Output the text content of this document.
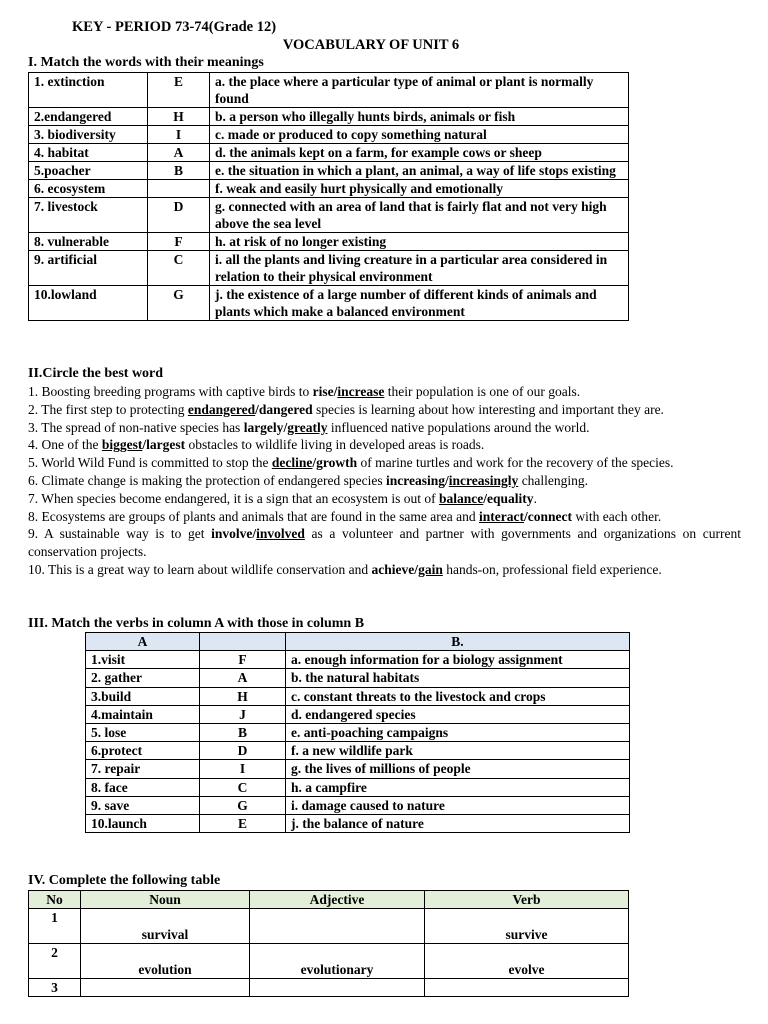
KEY - PERIOD 73-74(Grade 12)
VOCABULARY OF UNIT 6
I. Match the words with their meanings
1. extinction	E	a. the place where a particular type of animal or plant is normally found
2.endangered	H	b. a person who illegally hunts birds, animals or fish
3. biodiversity	I	c. made or produced to copy something natural
4. habitat	A	d. the animals kept on a farm, for example cows or sheep
5.poacher	B	e. the situation in which a plant, an animal, a way of life stops existing
6. ecosystem		f. weak and easily hurt physically and emotionally
7. livestock	D	g. connected with an area of land that is fairly flat and not very high above the sea level
8. vulnerable	F	h. at risk of no longer existing
9. artificial	C	i. all the plants and living creature in a particular area considered in relation to their physical environment
10.lowland	G	j. the existence of a large number of different kinds of animals and plants which make a balanced environment
II.Circle the best word

1. Boosting breeding programs with captive birds to rise/increase their population is one of our goals.

2. The first step to protecting endangered/dangered species is learning about how interesting and important they are.

3. The spread of non-native species has largely/greatly influenced native populations around the world.

4. One of the biggest/largest obstacles to wildlife living in developed areas is roads.

5. World Wild Fund is committed to stop the decline/growth of marine turtles and work for the recovery of the species.

6. Climate change is making the protection of endangered species increasing/increasingly challenging.

7. When species become endangered, it is a sign that an ecosystem is out of balance/equality.

8. Ecosystems are groups of plants and animals that are found in the same area and interact/connect with each other.

9. A sustainable way is to get involve/involved as a volunteer and partner with governments and organizations on current conservation projects.

10. This is a great way to learn about wildlife conservation and achieve/gain hands-on, professional field experience.

III. Match the verbs in column A with those in column B
A		B.
1.visit	F	a. enough information for a biology assignment
2. gather	A	b. the natural habitats
3.build	H	c. constant threats to the livestock and crops
4.maintain	J	d. endangered species
5. lose	B	e. anti-poaching campaigns
6.protect	D	f. a new wildlife park
7. repair	I	g. the lives of millions of people
8. face	C	h. a campfire
9. save	G	i. damage caused to nature
10.launch	E	j. the balance of nature
IV. Complete the following table
No	Noun	Adjective	Verb
1	survival		survive
2	evolution	evolutionary	evolve
3			
